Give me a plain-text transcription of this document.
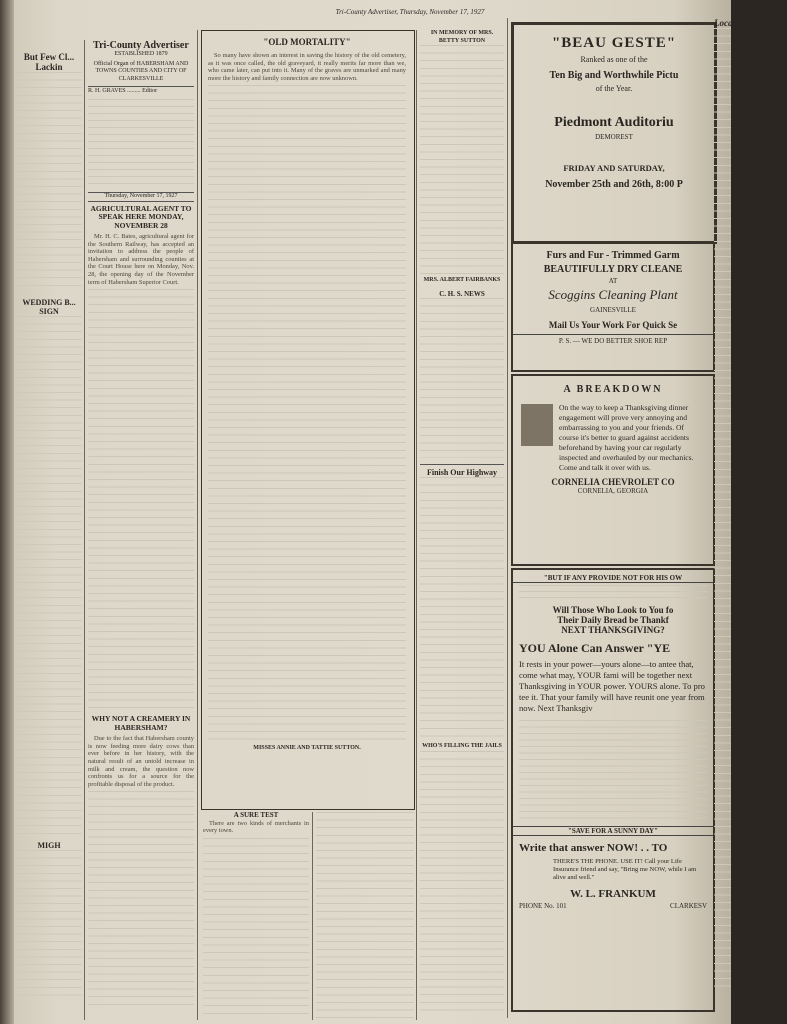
Tri-County Advertiser, Thursday, November 17, 1927
But Few Cl... Lackin
WEDDING B... SIGN
MIGH
Tri-County Advertiser
ESTABLISHED 1879
Official Organ of HABERSHAM AND TOWNS COUNTIES AND CITY OF CLARKESVILLE
R. H. GRAVES ......... Editor
Thursday, November 17, 1927
AGRICULTURAL AGENT TO SPEAK HERE MONDAY, NOVEMBER 28

Mr. H. C. Bates, agricultural agent for the Southern Railway, has accepted an invitation to address the people of Habersham and surrounding counties at the Court House here on Monday, Nov. 28, the opening day of the November term of Habersham Superior Court.

WHY NOT A CREAMERY IN HABERSHAM?

Due to the fact that Habersham county is now feeding more dairy cows than ever before in her history, with the natural result of an untold increase in milk and cream, the question now confronts us for a source for the profitable disposal of the product.

"OLD MORTALITY"

So many have shown an interest in saving the history of the old cemetery, as it was once called, the old graveyard, it really merits far more than we, who came later, can put into it. Many of the graves are unmarked and many more the history and family connection are now unknown.

MISSES ANNIE AND TATTIE SUTTON.
A SURE TEST

There are two kinds of merchants in every town.

IN MEMORY OF MRS. BETTY SUTTON
MRS. ALBERT FAIRBANKS
C. H. S. NEWS
Finish Our Highway
WHO'S FILLING THE JAILS
"BEAU GESTE"
Ranked as one of the
Ten Big and Worthwhile Pictu
of the Year.
Piedmont Auditoriu
DEMOREST
FRIDAY AND SATURDAY,
November 25th and 26th, 8:00 P
Furs and Fur - Trimmed Garm
BEAUTIFULLY DRY CLEANE
AT
Scoggins Cleaning Plant
GAINESVILLE
Mail Us Your Work For Quick Se
P. S. — WE DO BETTER SHOE REP
A BREAKDOWN
On the way to keep a Thanksgiving dinner engagement will prove very annoying and embarrassing to you and your friends. Of course it's better to guard against accidents beforehand by having your car regularly inspected and overhauled by our mechanics. Come and talk it over with us.
CORNELIA CHEVROLET CO
CORNELIA, GEORGIA
"BUT IF ANY PROVIDE NOT FOR HIS OW
Will Those Who Look to You fo
Their Daily Bread be Thankf
NEXT THANKSGIVING?
YOU Alone Can Answer "YE
It rests in your power—yours alone—to antee that, come what may, YOUR fami will be together next Thanksgiving in YOUR power. YOURS alone. To pro tee it. That your family will have reunit one year from now. Next Thanksgiv
"SAVE FOR A SUNNY DAY"
Write that answer NOW! . . TO
THERE'S THE PHONE. USE IT! Call your Life Insurance friend and say, "Bring me NOW, while I am alive and well."
W. L. FRANKUM
PHONE No. 101	CLARKESV
Local and Personal
